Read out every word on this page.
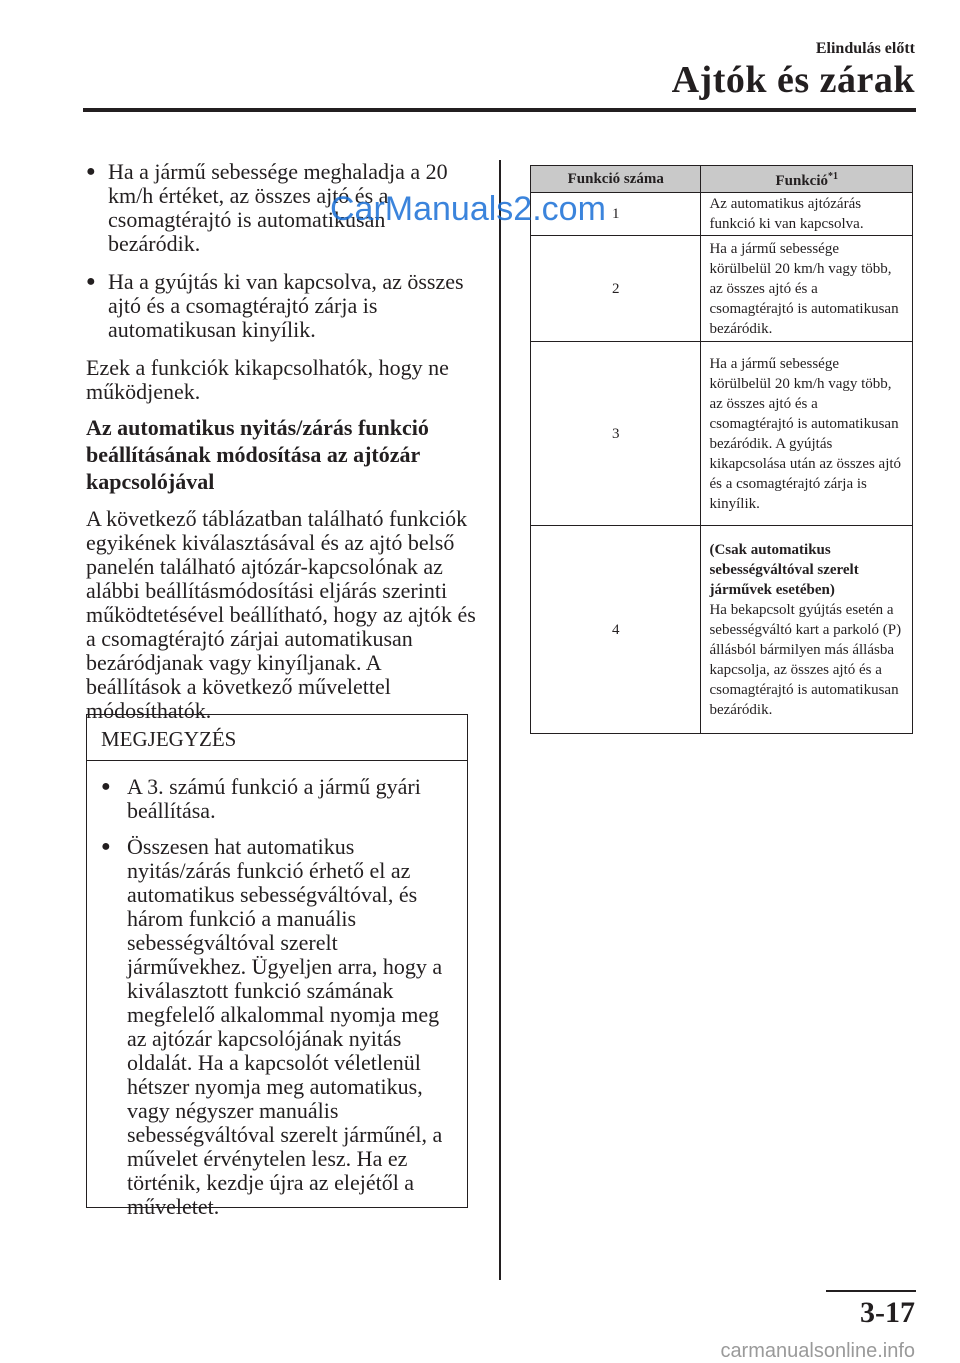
Elindulás előtt
Ajtók és zárak
● Ha a jármű sebessége meghaladja a 20 km/h értéket, az összes ajtó és a csomagtérajtó is automatikusan bezáródik.
● Ha a gyújtás ki van kapcsolva, az összes ajtó és a csomagtérajtó zárja is automatikusan kinyílik.
Ezek a funkciók kikapcsolhatók, hogy ne működjenek.
Az automatikus nyitás/zárás funkció beállításának módosítása az ajtózár kapcsolójával
A következő táblázatban található funkciók egyikének kiválasztásával és az ajtó belső panelén található ajtózár-kapcsolónak az alábbi beállításmódosítási eljárás szerinti működtetésével beállítható, hogy az ajtók és a csomagtérajtó zárjai automatikusan bezáródjanak vagy kinyíljanak. A beállítások a következő művelettel módosíthatók.
MEGJEGYZÉS
● A 3. számú funkció a jármű gyári beállítása.
● Összesen hat automatikus nyitás/zárás funkció érhető el az automatikus sebességváltóval, és három funkció a manuális sebességváltóval szerelt járművekhez. Ügyeljen arra, hogy a kiválasztott funkció számának megfelelő alkalommal nyomja meg az ajtózár kapcsolójának nyitás oldalát. Ha a kapcsolót véletlenül hétszer nyomja meg automatikus, vagy négyszer manuális sebességváltóval szerelt járműnél, a művelet érvénytelen lesz. Ha ez történik, kezdje újra az elejétől a műveletet.
Funkció száma	Funkció$^{*1}$
1	Az automatikus ajtózárás funkció ki van kapcsolva.
2	Ha a jármű sebessége körülbelül 20 km/h vagy több, az összes ajtó és a csomagtérajtó is automatikusan bezáródik.
3	Ha a jármű sebessége körülbelül 20 km/h vagy több, az összes ajtó és a csomagtérajtó is automatikusan bezáródik. A gyújtás kikapcsolása után az összes ajtó és a csomagtérajtó zárja is kinyílik.
4	(Csak automatikus sebességváltóval szerelt járművek esetében)
Ha bekapcsolt gyújtás esetén a sebességváltó kart a parkoló (P) állásból bármilyen más állásba kapcsolja, az összes ajtó és a csomagtérajtó is automatikusan bezáródik.
CarManuals2.com
3-17
carmanualsonline.info
